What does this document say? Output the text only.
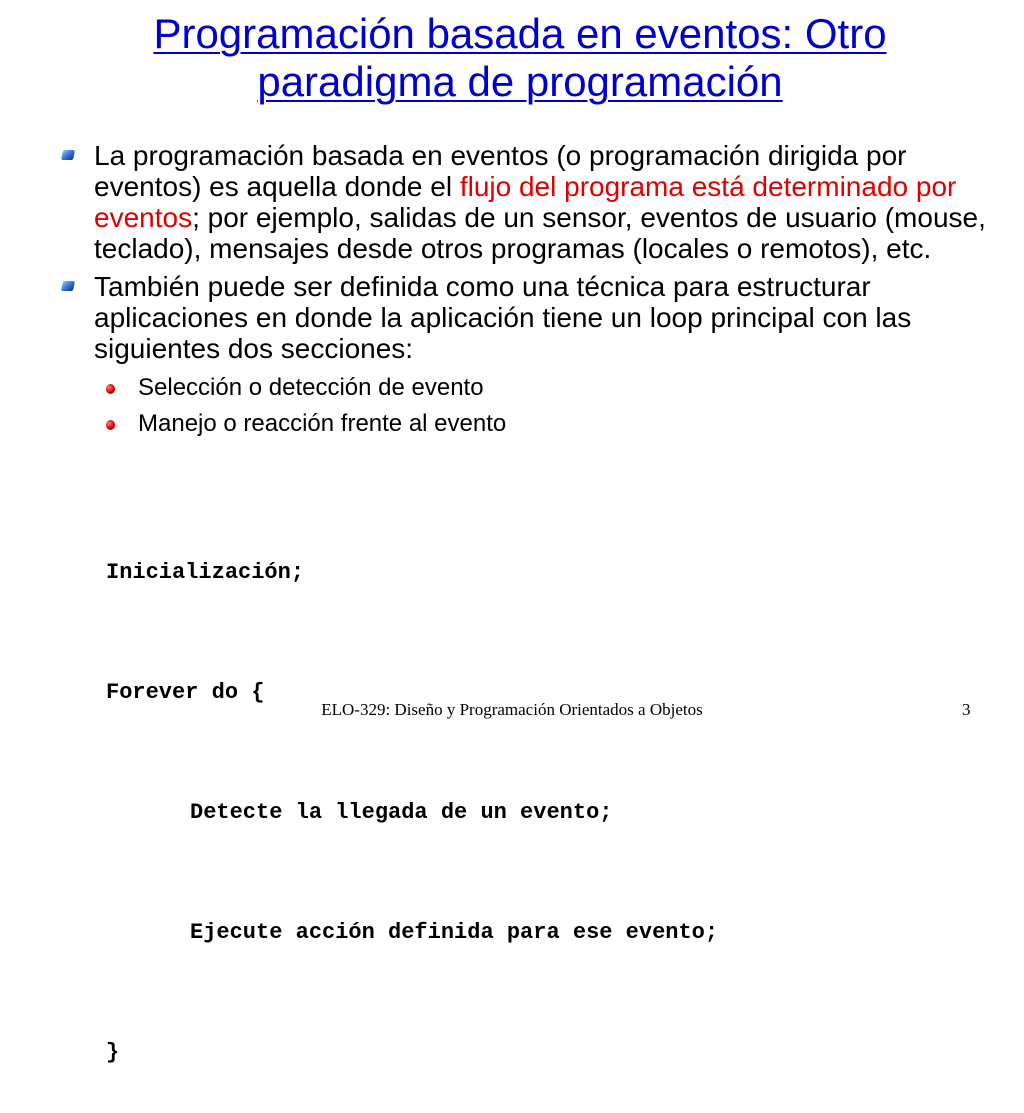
Programación basada en eventos: Otro paradigma de programación
La programación basada en eventos (o programación dirigida por eventos) es aquella donde el flujo del programa está determinado por eventos; por ejemplo, salidas de un sensor, eventos de usuario (mouse, teclado), mensajes desde otros programas (locales o remotos), etc.
También puede ser definida como una técnica para estructurar aplicaciones en donde la aplicación tiene un loop principal con las siguientes dos secciones:
Selección o detección de evento
Manejo o reacción frente al evento

Inicialización;

Forever do {

Detecte la llegada de un evento;

Ejecute acción definida para ese evento;

}

ELO-329: Diseño y Programación Orientados a Objetos	3
